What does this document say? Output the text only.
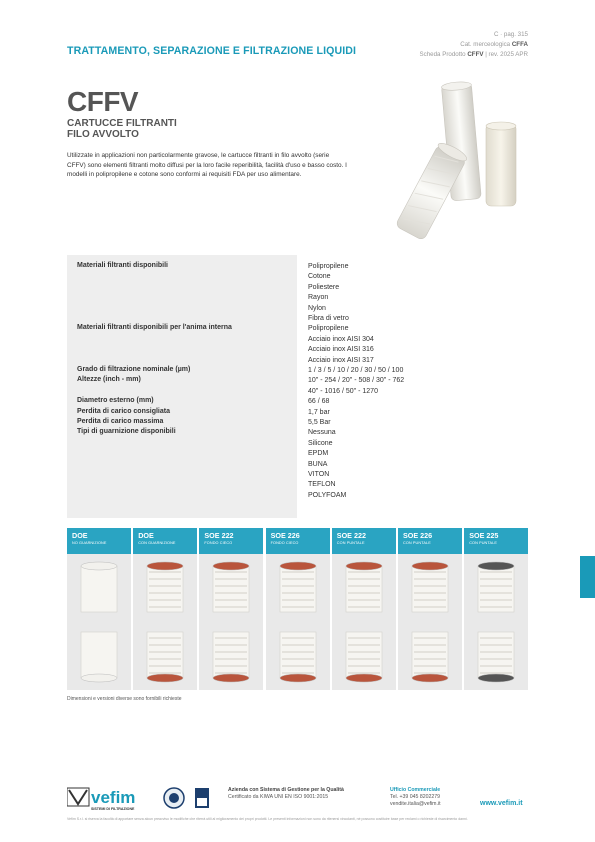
C · pag. 315
Cat. merceologica CFFA
Scheda Prodotto CFFV | rev. 2025 APR
TRATTAMENTO, SEPARAZIONE E FILTRAZIONE LIQUIDI
CFFV
CARTUCCE FILTRANTI
FILO AVVOLTO
Utilizzate in applicazioni non particolarmente gravose, le cartucce filtranti in filo avvolto (serie CFFV) sono elementi filtranti molto diffusi per la loro facile reperibilità, facilità d'uso e basso costo. I modelli in polipropilene e cotone sono conformi ai requisiti FDA per uso alimentare.
Materiali filtranti disponibili	Polipropilene
Cotone
Poliestere
Rayon
Nylon
Fibra di vetro
Materiali filtranti disponibili per l'anima interna	Polipropilene
Acciaio inox AISI 304
Acciaio inox AISI 316
Acciaio inox AISI 317
Grado di filtrazione nominale (µm)	1 / 3 / 5 / 10 / 20 / 30 / 50 / 100
Altezze (inch - mm)	10" - 254 / 20" - 508 / 30" - 762
40" - 1016 / 50" - 1270
Diametro esterno (mm)	66 / 68
Perdita di carico consigliata	1,7 bar
Perdita di carico massima	5,5 Bar
Tipi di guarnizione disponibili	Nessuna
Silicone
EPDM
BUNA
VITON
TEFLON
POLYFOAM
DOE
NO GUARNIZIONE
DOE
CON GUARNIZIONE
SOE 222
FONDO CIECO
SOE 226
FONDO CIECO
SOE 222
CON PUNTALE
SOE 226
CON PUNTALE
SOE 225
CON PUNTALE
Dimensioni e versioni diverse sono fornibili richieste
vefim
SISTEMI DI FILTRAZIONE
Azienda con Sistema di Gestione per la Qualità
Certificato da KIWA UNI EN ISO 9001:2015
Ufficio Commerciale
Tel. +39 045 8202279
vendite.italia@vefim.it	www.vefim.it
Vefim S.r.l. si riserva la facoltà di apportare senza alcun preavviso le modifiche che riterrà utili al miglioramento dei propri prodotti. Le presenti informazioni non sono da ritenersi vincolanti, né possono costituire base per reclami o richieste di risarcimento danni.
